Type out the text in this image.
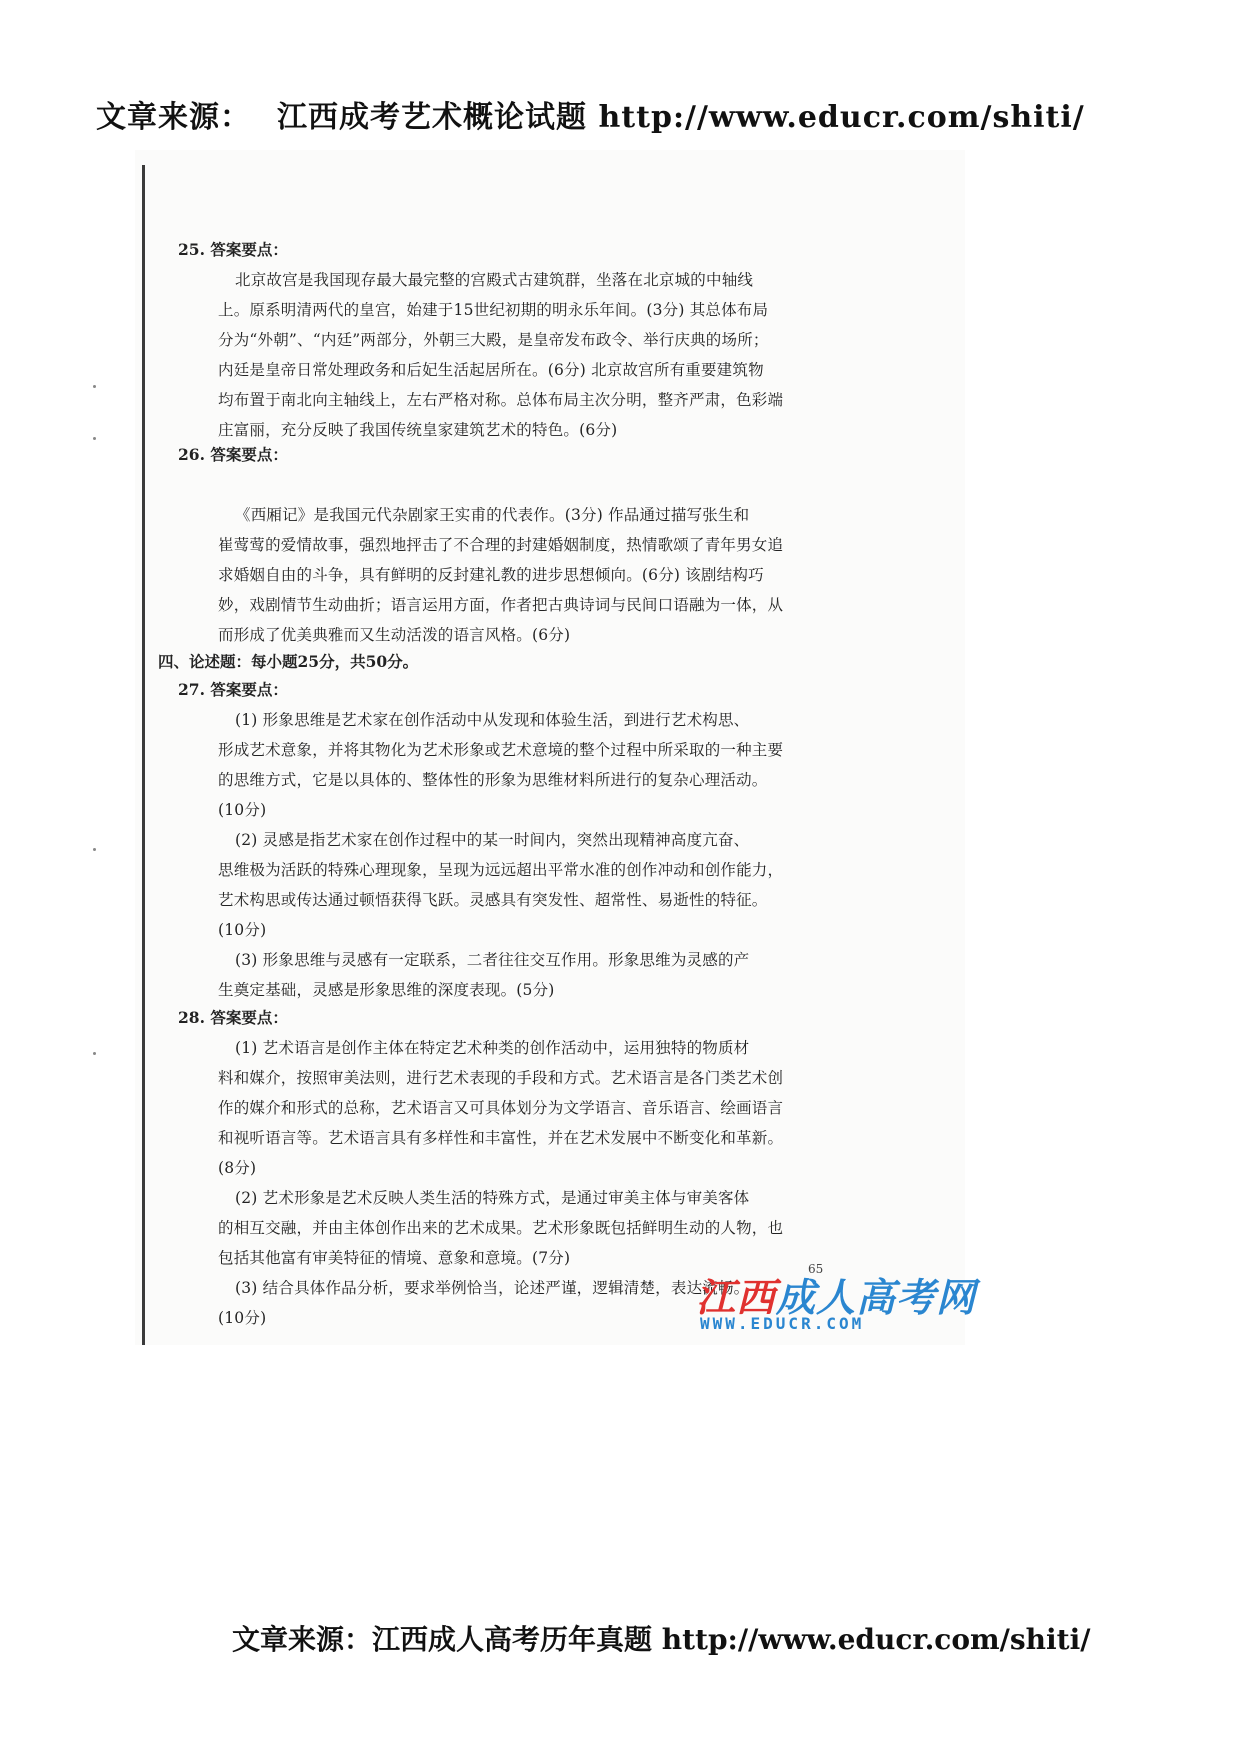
文章来源： 江西成考艺术概论试题 http://www.educr.com/shiti/
25. 答案要点：
北京故宫是我国现存最大最完整的宫殿式古建筑群，坐落在北京城的中轴线
上。原系明清两代的皇宫，始建于15世纪初期的明永乐年间。(3分) 其总体布局
分为“外朝”、“内廷”两部分，外朝三大殿，是皇帝发布政令、举行庆典的场所；
内廷是皇帝日常处理政务和后妃生活起居所在。(6分) 北京故宫所有重要建筑物
均布置于南北向主轴线上，左右严格对称。总体布局主次分明，整齐严肃，色彩端
庄富丽，充分反映了我国传统皇家建筑艺术的特色。(6分)
26. 答案要点：
《西厢记》是我国元代杂剧家王实甫的代表作。(3分) 作品通过描写张生和
崔莺莺的爱情故事，强烈地抨击了不合理的封建婚姻制度，热情歌颂了青年男女追
求婚姻自由的斗争，具有鲜明的反封建礼教的进步思想倾向。(6分) 该剧结构巧
妙，戏剧情节生动曲折；语言运用方面，作者把古典诗词与民间口语融为一体，从
而形成了优美典雅而又生动活泼的语言风格。(6分)
四、论述题：每小题25分，共50分。
27. 答案要点：
(1) 形象思维是艺术家在创作活动中从发现和体验生活，到进行艺术构思、
形成艺术意象，并将其物化为艺术形象或艺术意境的整个过程中所采取的一种主要
的思维方式，它是以具体的、整体性的形象为思维材料所进行的复杂心理活动。
(10分)
(2) 灵感是指艺术家在创作过程中的某一时间内，突然出现精神高度亢奋、
思维极为活跃的特殊心理现象，呈现为远远超出平常水准的创作冲动和创作能力，
艺术构思或传达通过顿悟获得飞跃。灵感具有突发性、超常性、易逝性的特征。
(10分)
(3) 形象思维与灵感有一定联系，二者往往交互作用。形象思维为灵感的产
生奠定基础，灵感是形象思维的深度表现。(5分)
28. 答案要点：
(1) 艺术语言是创作主体在特定艺术种类的创作活动中，运用独特的物质材
料和媒介，按照审美法则，进行艺术表现的手段和方式。艺术语言是各门类艺术创
作的媒介和形式的总称，艺术语言又可具体划分为文学语言、音乐语言、绘画语言
和视听语言等。艺术语言具有多样性和丰富性，并在艺术发展中不断变化和革新。
(8分)
(2) 艺术形象是艺术反映人类生活的特殊方式，是通过审美主体与审美客体
的相互交融，并由主体创作出来的艺术成果。艺术形象既包括鲜明生动的人物，也
包括其他富有审美特征的情境、意象和意境。(7分)
(3) 结合具体作品分析，要求举例恰当，论述严谨，逻辑清楚，表达流畅。
(10分)
65
江西成人高考网
WWW.EDUCR.COM
文章来源：江西成人高考历年真题 http://www.educr.com/shiti/
